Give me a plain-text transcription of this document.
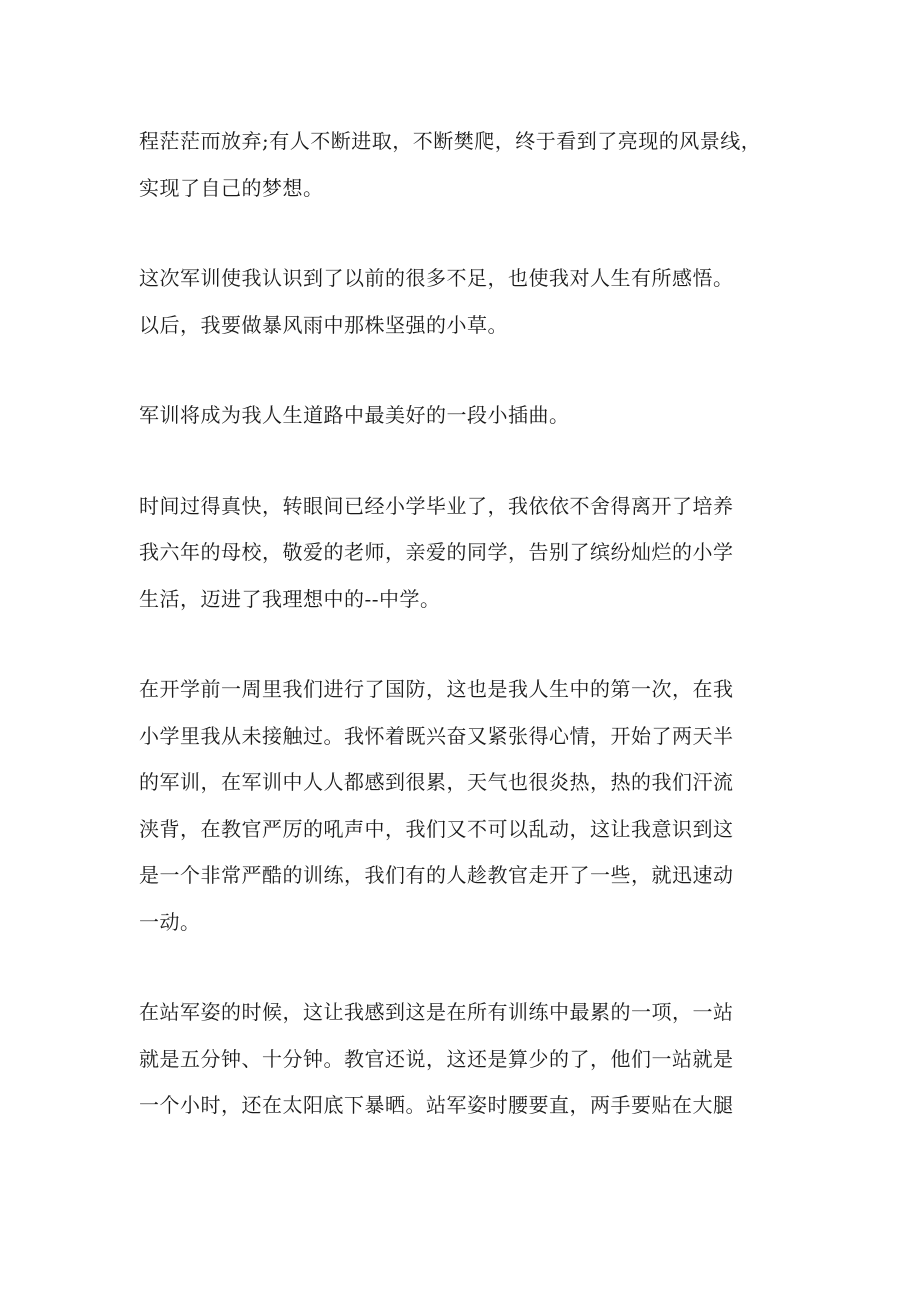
程茫茫而放弃;有人不断进取，不断樊爬，终于看到了亮现的风景线，
实现了自己的梦想。
这次军训使我认识到了以前的很多不足，也使我对人生有所感悟。
以后，我要做暴风雨中那株坚强的小草。
军训将成为我人生道路中最美好的一段小插曲。
时间过得真快，转眼间已经小学毕业了，我依依不舍得离开了培养
我六年的母校，敬爱的老师，亲爱的同学，告别了缤纷灿烂的小学
生活，迈进了我理想中的--中学。
在开学前一周里我们进行了国防，这也是我人生中的第一次，在我
小学里我从未接触过。我怀着既兴奋又紧张得心情，开始了两天半
的军训，在军训中人人都感到很累，天气也很炎热，热的我们汗流
浃背，在教官严厉的吼声中，我们又不可以乱动，这让我意识到这
是一个非常严酷的训练，我们有的人趁教官走开了一些，就迅速动
一动。
在站军姿的时候，这让我感到这是在所有训练中最累的一项，一站
就是五分钟、十分钟。教官还说，这还是算少的了，他们一站就是
一个小时，还在太阳底下暴晒。站军姿时腰要直，两手要贴在大腿
